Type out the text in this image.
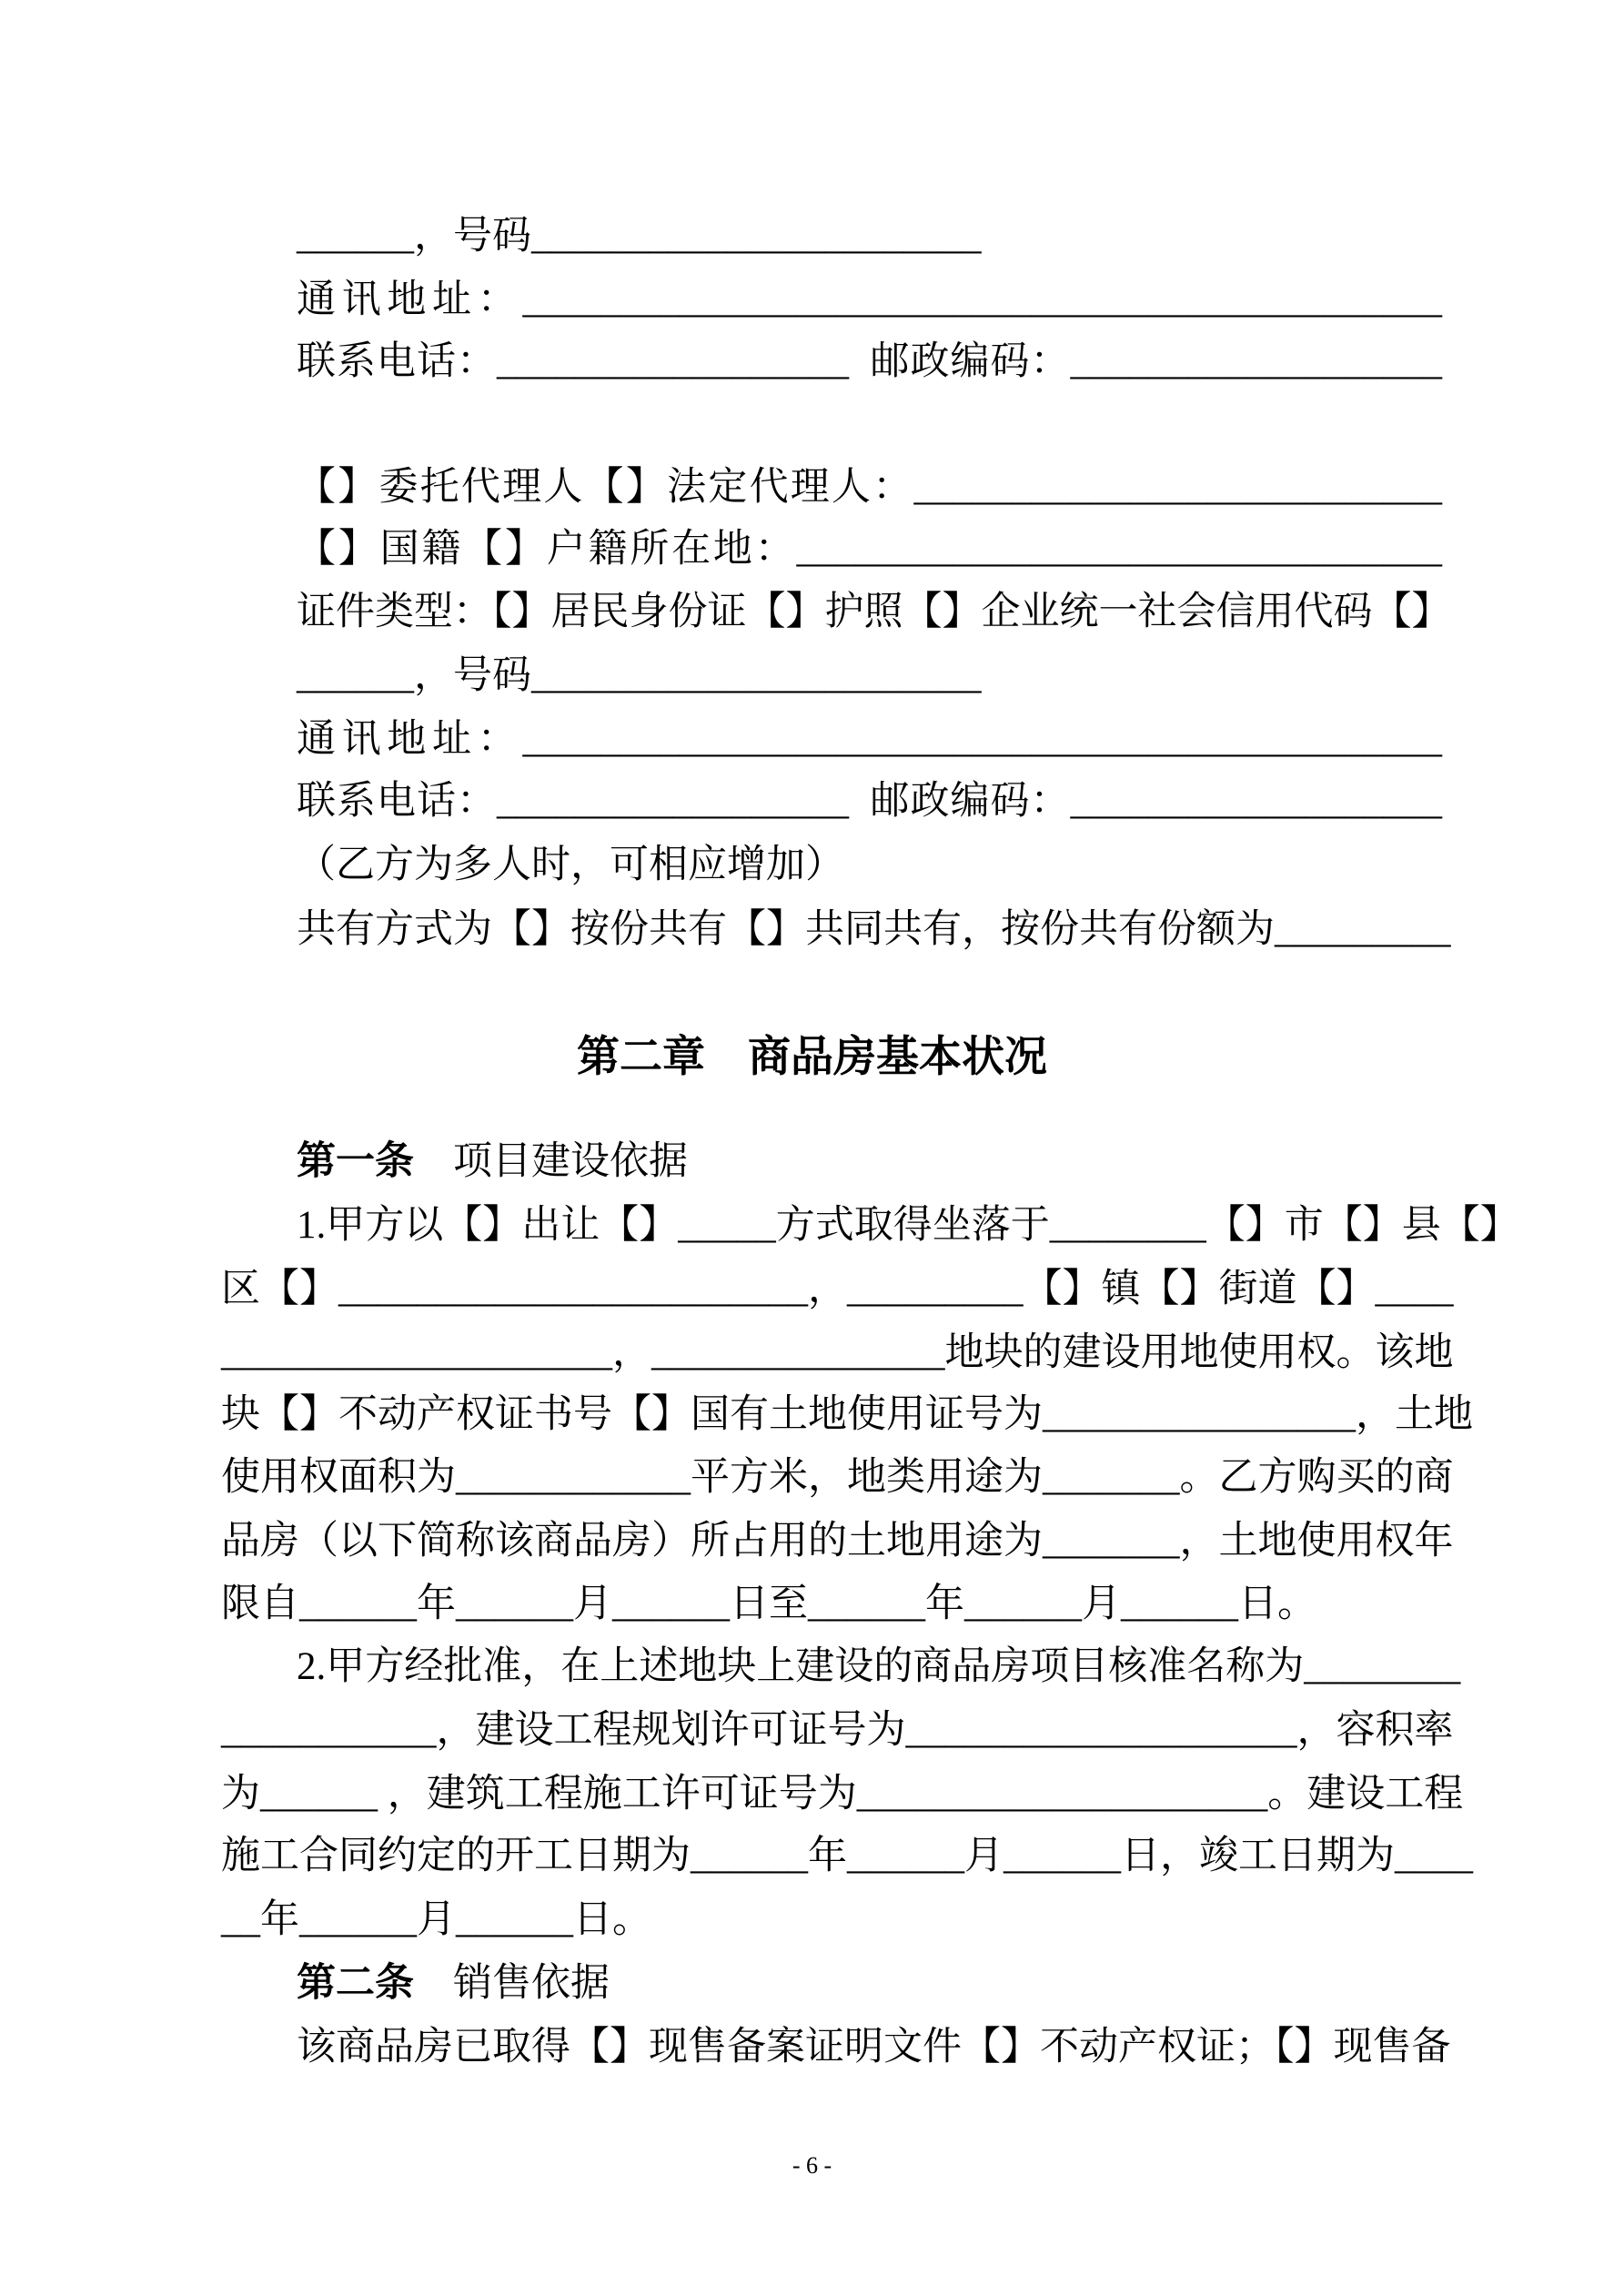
______，号码_______________________
通讯地址：_______________________________________________
联系电话：__________________  邮政编码：___________________
【】委托代理人【】法定代理人：___________________________
【】国籍【】户籍所在地：_________________________________
证件类型：【】居民身份证【】护照【】企业统一社会信用代码【】
______，号码_______________________
通讯地址：_______________________________________________
联系电话：__________________  邮政编码：___________________
（乙方为多人时，可相应增加）
共有方式为【】按份共有【】共同共有，按份共有份额为_________
第二章　商品房基本状况
第一条　项目建设依据
1.甲方以【】出让【】_____方式取得坐落于________【】市【】县【】
区【】________________________，_________【】镇【】街道【】____
____________________，_______________地块的建设用地使用权。该地
块【】不动产权证书号【】国有土地使用证号为________________，土地
使用权面积为____________平方米，地类用途为_______。乙方购买的商
品房（以下简称该商品房）所占用的土地用途为_______，土地使用权年
限自______年______月______日至______年______月______日。
2.甲方经批准，在上述地块上建设的商品房项目核准名称为________
___________，建设工程规划许可证号为____________________，容积率
为______ ，建筑工程施工许可证号为_____________________。建设工程
施工合同约定的开工日期为______年______月______日，竣工日期为____
__年______月______日。
第二条　销售依据
该商品房已取得【】现售备案证明文件【】不动产权证；【】现售备
- 6 -
